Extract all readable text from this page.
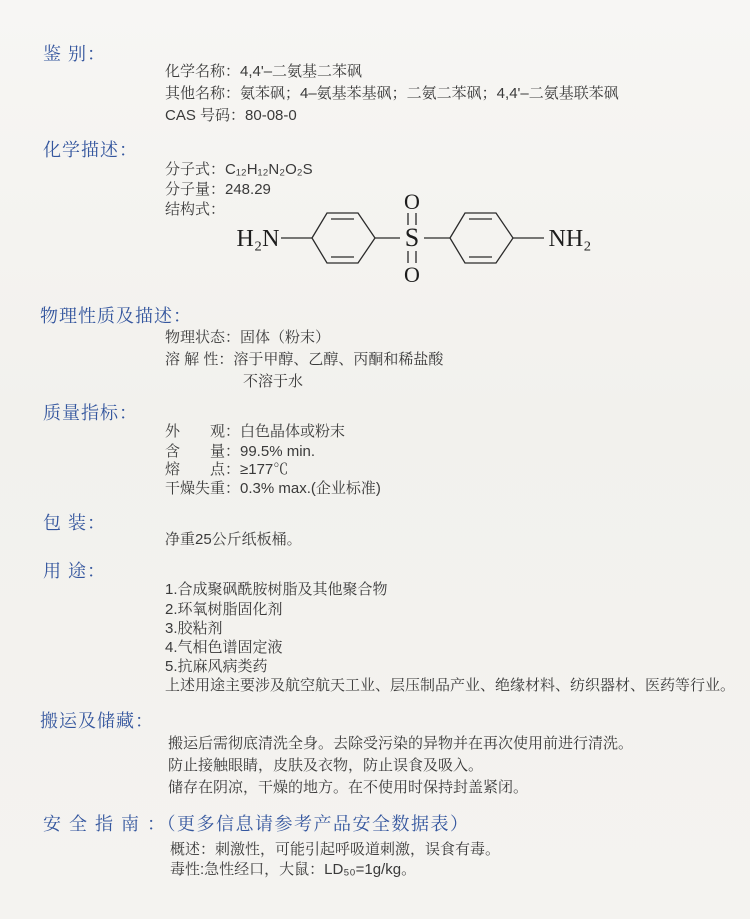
鉴 别：
化学名称：4,4'–二氨基二苯砜
其他名称：氨苯砜；4–氨基苯基砜；二氨二苯砜；4,4'–二氨基联苯砜
CAS 号码：80-08-0
化学描述：
分子式：C₁₂H₁₂N₂O₂S
分子量：248.29
结构式：
H₂N	S
O
O
NH₂
物理性质及描述：
物理状态：固体（粉末）
溶 解 性：溶于甲醇、乙醇、丙酮和稀盐酸
不溶于水
质量指标：
外　　观：白色晶体或粉末
含　　量：99.5% min.
熔　　点：≥177℃
干燥失重：0.3% max.(企业标准)
包 装：
净重25公斤纸板桶。
用 途：
1.合成聚砜酰胺树脂及其他聚合物
2.环氧树脂固化剂
3.胶粘剂
4.气相色谱固定液
5.抗麻风病类药
上述用途主要涉及航空航天工业、层压制品产业、绝缘材料、纺织器材、医药等行业。
搬运及储藏：
搬运后需彻底清洗全身。去除受污染的异物并在再次使用前进行清洗。
防止接触眼睛，皮肤及衣物，防止误食及吸入。
储存在阴凉，干燥的地方。在不使用时保持封盖紧闭。
安 全 指 南 ：（更多信息请参考产品安全数据表）
概述：刺激性，可能引起呼吸道刺激，误食有毒。
毒性:急性经口，大鼠：LD₅₀=1g/kg。
